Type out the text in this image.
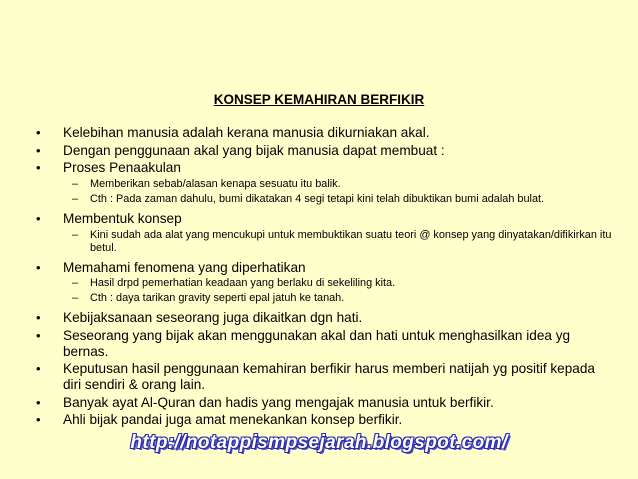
KONSEP KEMAHIRAN BERFIKIR
• Kelebihan manusia adalah kerana manusia dikurniakan akal.
• Dengan penggunaan akal yang bijak manusia dapat membuat :
• Proses Penaakulan
– Memberikan sebab/alasan kenapa sesuatu itu balik.
– Cth : Pada zaman dahulu, bumi dikatakan 4 segi tetapi kini telah dibuktikan bumi adalah bulat.
• Membentuk konsep
– Kini sudah ada alat yang mencukupi untuk membuktikan suatu teori @ konsep yang dinyatakan/difikirkan itu betul.
• Memahami fenomena yang diperhatikan
– Hasil drpd pemerhatian keadaan yang berlaku di sekeliling kita.
– Cth : daya tarikan gravity seperti epal jatuh ke tanah.
• Kebijaksanaan seseorang juga dikaitkan dgn hati.
• Seseorang yang bijak akan menggunakan akal dan hati untuk menghasilkan idea yg bernas.
• Keputusan hasil penggunaan kemahiran berfikir harus memberi natijah yg positif kepada diri sendiri & orang lain.
• Banyak ayat Al-Quran dan hadis yang mengajak manusia untuk berfikir.
• Ahli bijak pandai juga amat menekankan konsep berfikir.
http://notappismpsejarah.blogspot.com/
